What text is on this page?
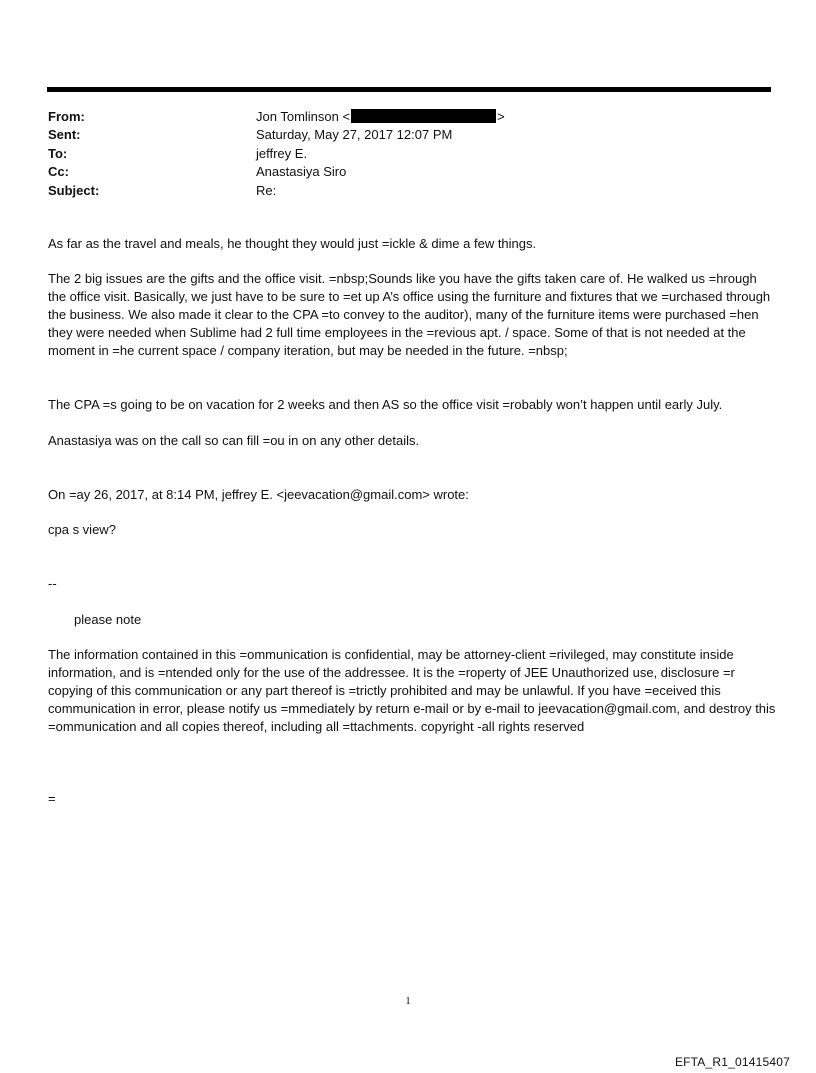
From:	Jon Tomlinson <	>
Sent:	Saturday, May 27, 2017 12:07 PM
To:	jeffrey E.
Cc:	Anastasiya Siro
Subject:	Re:
As far as the travel and meals, he thought they would just =ickle & dime a few things.
The 2 big issues are the gifts and the office visit. =nbsp;Sounds like you have the gifts taken care of. He walked us =hrough the office visit. Basically, we just have to be sure to =et up A’s office using the furniture and fixtures that we =urchased through the business. We also made it clear to the CPA =to convey to the auditor), many of the furniture items were purchased =hen they were needed when Sublime had 2 full time employees in the =revious apt. / space. Some of that is not needed at the moment in =he current space / company iteration, but may be needed in the future. =nbsp;
The CPA =s going to be on vacation for 2 weeks and then AS so the office visit =robably won’t happen until early July.
Anastasiya was on the call so can fill =ou in on any other details.
On =ay 26, 2017, at 8:14 PM, jeffrey E. <jeevacation@gmail.com> wrote:
cpa s view?
--
please note
The information contained in this =ommunication is confidential, may be attorney-client =rivileged, may constitute inside information, and is =ntended only for the use of the addressee. It is the =roperty of JEE Unauthorized use, disclosure =r copying of this communication or any part thereof is =trictly prohibited and may be unlawful. If you have =eceived this communication in error, please notify us =mmediately by return e-mail or by e-mail to jeevacation@gmail.com, and destroy this =ommunication and all copies thereof, including all =ttachments. copyright -all rights reserved
=
1
EFTA_R1_01415407
